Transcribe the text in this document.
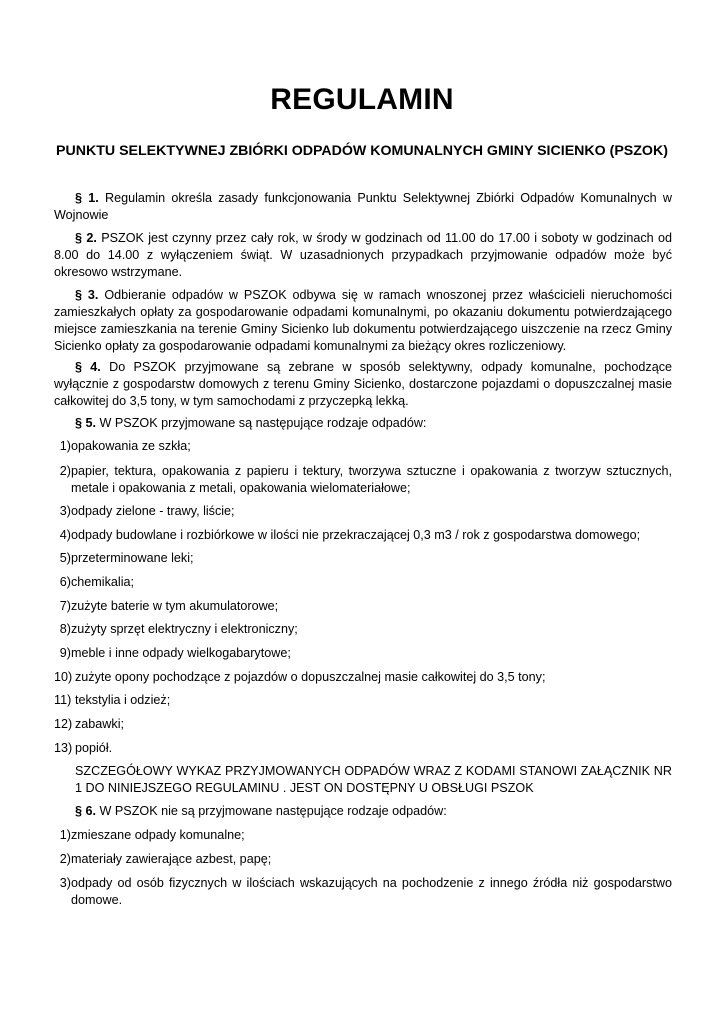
REGULAMIN
PUNKTU SELEKTYWNEJ ZBIÓRKI ODPADÓW KOMUNALNYCH GMINY SICIENKO (PSZOK)
§ 1. Regulamin określa zasady funkcjonowania Punktu Selektywnej Zbiórki Odpadów Komunalnych w Wojnowie
§ 2. PSZOK jest czynny przez cały rok, w środy w godzinach od 11.00 do 17.00 i soboty w godzinach od 8.00 do 14.00 z wyłączeniem świąt. W uzasadnionych przypadkach przyjmowanie odpadów może być okresowo wstrzymane.
§ 3. Odbieranie odpadów w PSZOK odbywa się w ramach wnoszonej przez właścicieli nieruchomości zamieszkałych opłaty za gospodarowanie odpadami komunalnymi, po okazaniu dokumentu potwierdzającego miejsce zamieszkania na terenie Gminy Sicienko lub dokumentu potwierdzającego uiszczenie na rzecz Gminy Sicienko opłaty za gospodarowanie odpadami komunalnymi za bieżący okres rozliczeniowy.
§ 4. Do PSZOK przyjmowane są zebrane w sposób selektywny, odpady komunalne, pochodzące wyłącznie z gospodarstw domowych z terenu Gminy Sicienko, dostarczone pojazdami o dopuszczalnej masie całkowitej do 3,5 tony, w tym samochodami z przyczepką lekką.
§ 5. W PSZOK przyjmowane są następujące rodzaje odpadów:
1) opakowania ze szkła;
2) papier, tektura, opakowania z papieru i tektury, tworzywa sztuczne i opakowania z tworzyw sztucznych, metale i opakowania z metali, opakowania wielomateriałowe;
3) odpady zielone - trawy, liście;
4) odpady budowlane i rozbiórkowe w ilości nie przekraczającej 0,3 m3 / rok z gospodarstwa domowego;
5) przeterminowane leki;
6) chemikalia;
7) zużyte baterie w tym akumulatorowe;
8) zużyty sprzęt elektryczny i elektroniczny;
9) meble i inne odpady wielkogabarytowe;
10) zużyte opony pochodzące z pojazdów o dopuszczalnej masie całkowitej do 3,5 tony;
11) tekstylia i odzież;
12) zabawki;
13) popiół.
SZCZEGÓŁOWY WYKAZ PRZYJMOWANYCH ODPADÓW WRAZ Z KODAMI STANOWI ZAŁĄCZNIK NR 1 DO NINIEJSZEGO REGULAMINU . JEST ON DOSTĘPNY U OBSŁUGI PSZOK
§ 6. W PSZOK nie są przyjmowane następujące rodzaje odpadów:
1) zmieszane odpady komunalne;
2) materiały zawierające azbest, papę;
3) odpady od osób fizycznych w ilościach wskazujących na pochodzenie z innego źródła niż gospodarstwo domowe.
